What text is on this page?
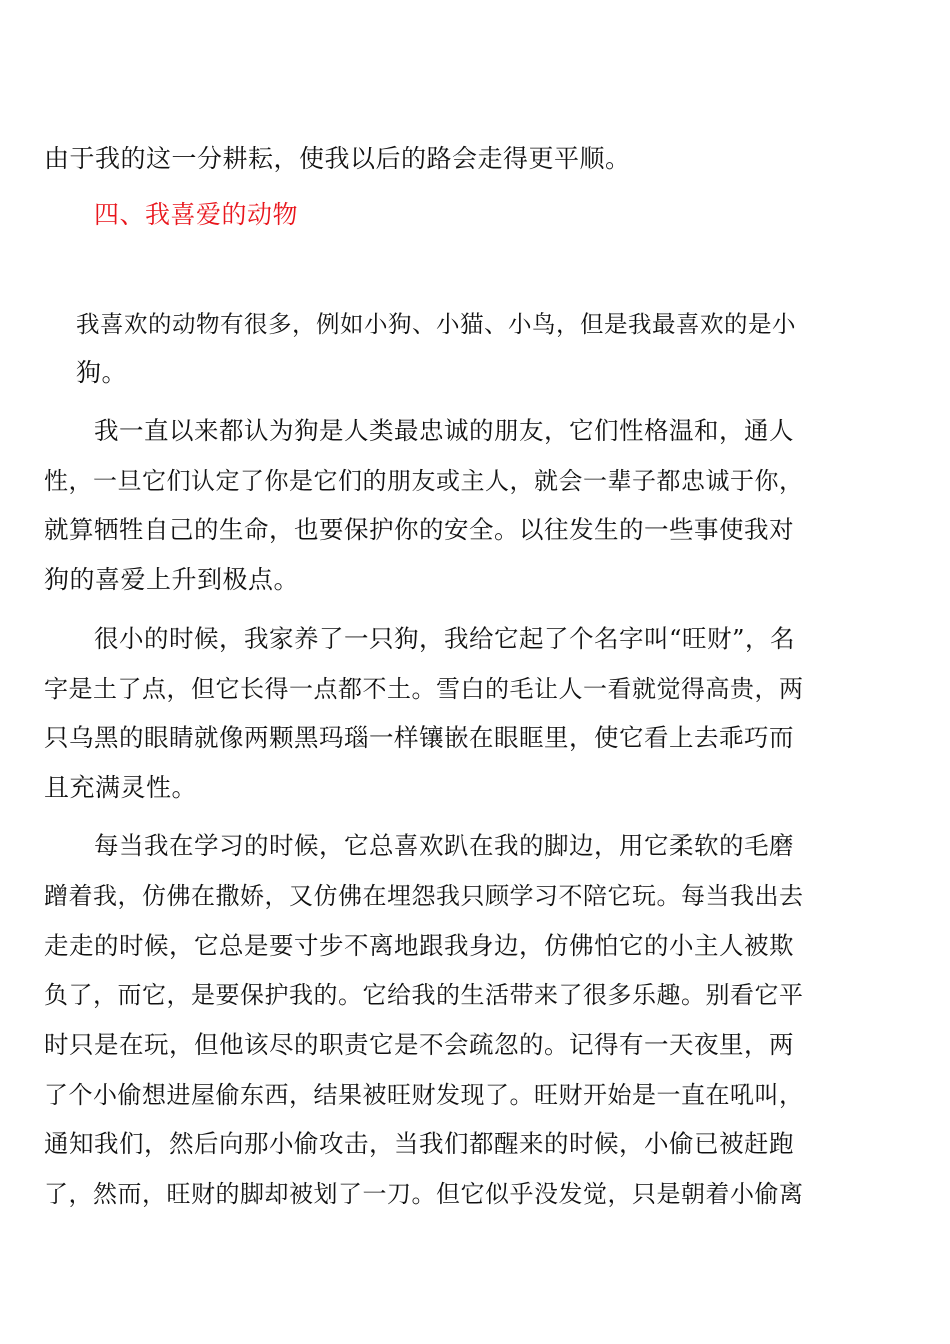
由于我的这一分耕耘，使我以后的路会走得更平顺。
四、我喜爱的动物
我喜欢的动物有很多，例如小狗、小猫、小鸟，但是我最喜欢的是小
狗。
我一直以来都认为狗是人类最忠诚的朋友，它们性格温和，通人
性，一旦它们认定了你是它们的朋友或主人，就会一辈子都忠诚于你，
就算牺牲自己的生命，也要保护你的安全。以往发生的一些事使我对
狗的喜爱上升到极点。
很小的时候，我家养了一只狗，我给它起了个名字叫“旺财”，名
字是土了点，但它长得一点都不土。雪白的毛让人一看就觉得高贵，两
只乌黑的眼睛就像两颗黑玛瑙一样镶嵌在眼眶里，使它看上去乖巧而
且充满灵性。
每当我在学习的时候，它总喜欢趴在我的脚边，用它柔软的毛磨
蹭着我，仿佛在撒娇，又仿佛在埋怨我只顾学习不陪它玩。每当我出去
走走的时候，它总是要寸步不离地跟我身边，仿佛怕它的小主人被欺
负了，而它，是要保护我的。它给我的生活带来了很多乐趣。别看它平
时只是在玩，但他该尽的职责它是不会疏忽的。记得有一天夜里，两
了个小偷想进屋偷东西，结果被旺财发现了。旺财开始是一直在吼叫，
通知我们，然后向那小偷攻击，当我们都醒来的时候，小偷已被赶跑
了，然而，旺财的脚却被划了一刀。但它似乎没发觉，只是朝着小偷离
